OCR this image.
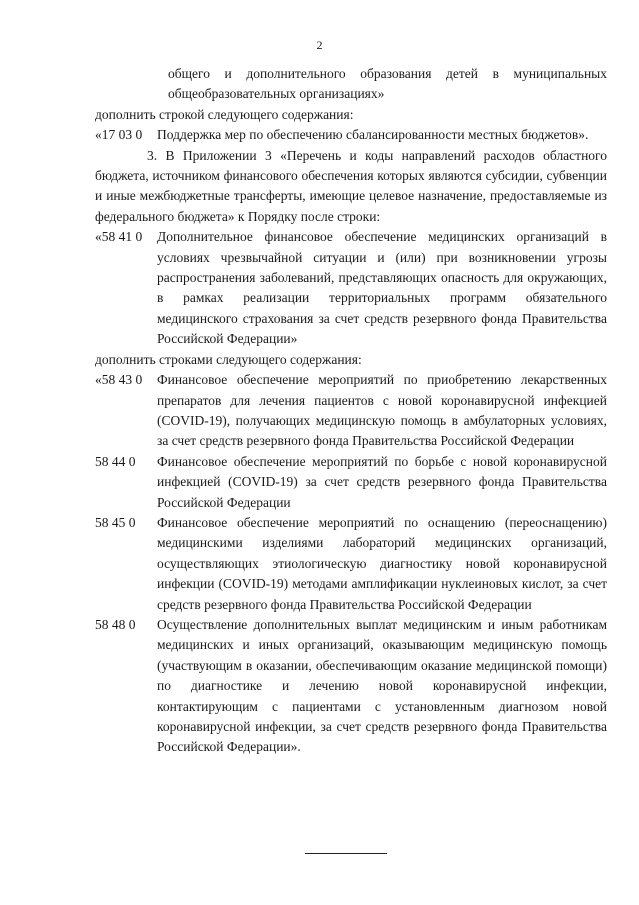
2
общего и дополнительного образования детей в муниципальных
общеобразовательных организациях»
дополнить строкой следующего содержания:
«17 03 0	Поддержка мер по обеспечению сбалансированности местных бюджетов».
3. В Приложении 3 «Перечень и коды направлений расходов областного бюджета, источником финансового обеспечения которых являются субсидии, субвенции и иные межбюджетные трансферты, имеющие целевое назначение, предоставляемые из федерального бюджета» к Порядку после строки:
«58 41 0	Дополнительное финансовое обеспечение медицинских организаций в условиях чрезвычайной ситуации и (или) при возникновении угрозы распространения заболеваний, представляющих опасность для окружающих, в рамках реализации территориальных программ обязательного медицинского страхования за счет средств резервного фонда Правительства Российской Федерации»
дополнить строками следующего содержания:
«58 43 0	Финансовое обеспечение мероприятий по приобретению лекарственных препаратов для лечения пациентов с новой коронавирусной инфекцией (COVID-19), получающих медицинскую помощь в амбулаторных условиях, за счет средств резервного фонда Правительства Российской Федерации
58 44 0	Финансовое обеспечение мероприятий по борьбе с новой коронавирусной инфекцией (COVID-19) за счет средств резервного фонда Правительства Российской Федерации
58 45 0	Финансовое обеспечение мероприятий по оснащению (переоснащению) медицинскими изделиями лабораторий медицинских организаций, осуществляющих этиологическую диагностику новой коронавирусной инфекции (COVID-19) методами амплификации нуклеиновых кислот, за счет средств резервного фонда Правительства Российской Федерации
58 48 0	Осуществление дополнительных выплат медицинским и иным работникам медицинских и иных организаций, оказывающим медицинскую помощь (участвующим в оказании, обеспечивающим оказание медицинской помощи) по диагностике и лечению новой коронавирусной инфекции, контактирующим с пациентами с установленным диагнозом новой коронавирусной инфекции, за счет средств резервного фонда Правительства Российской Федерации».
